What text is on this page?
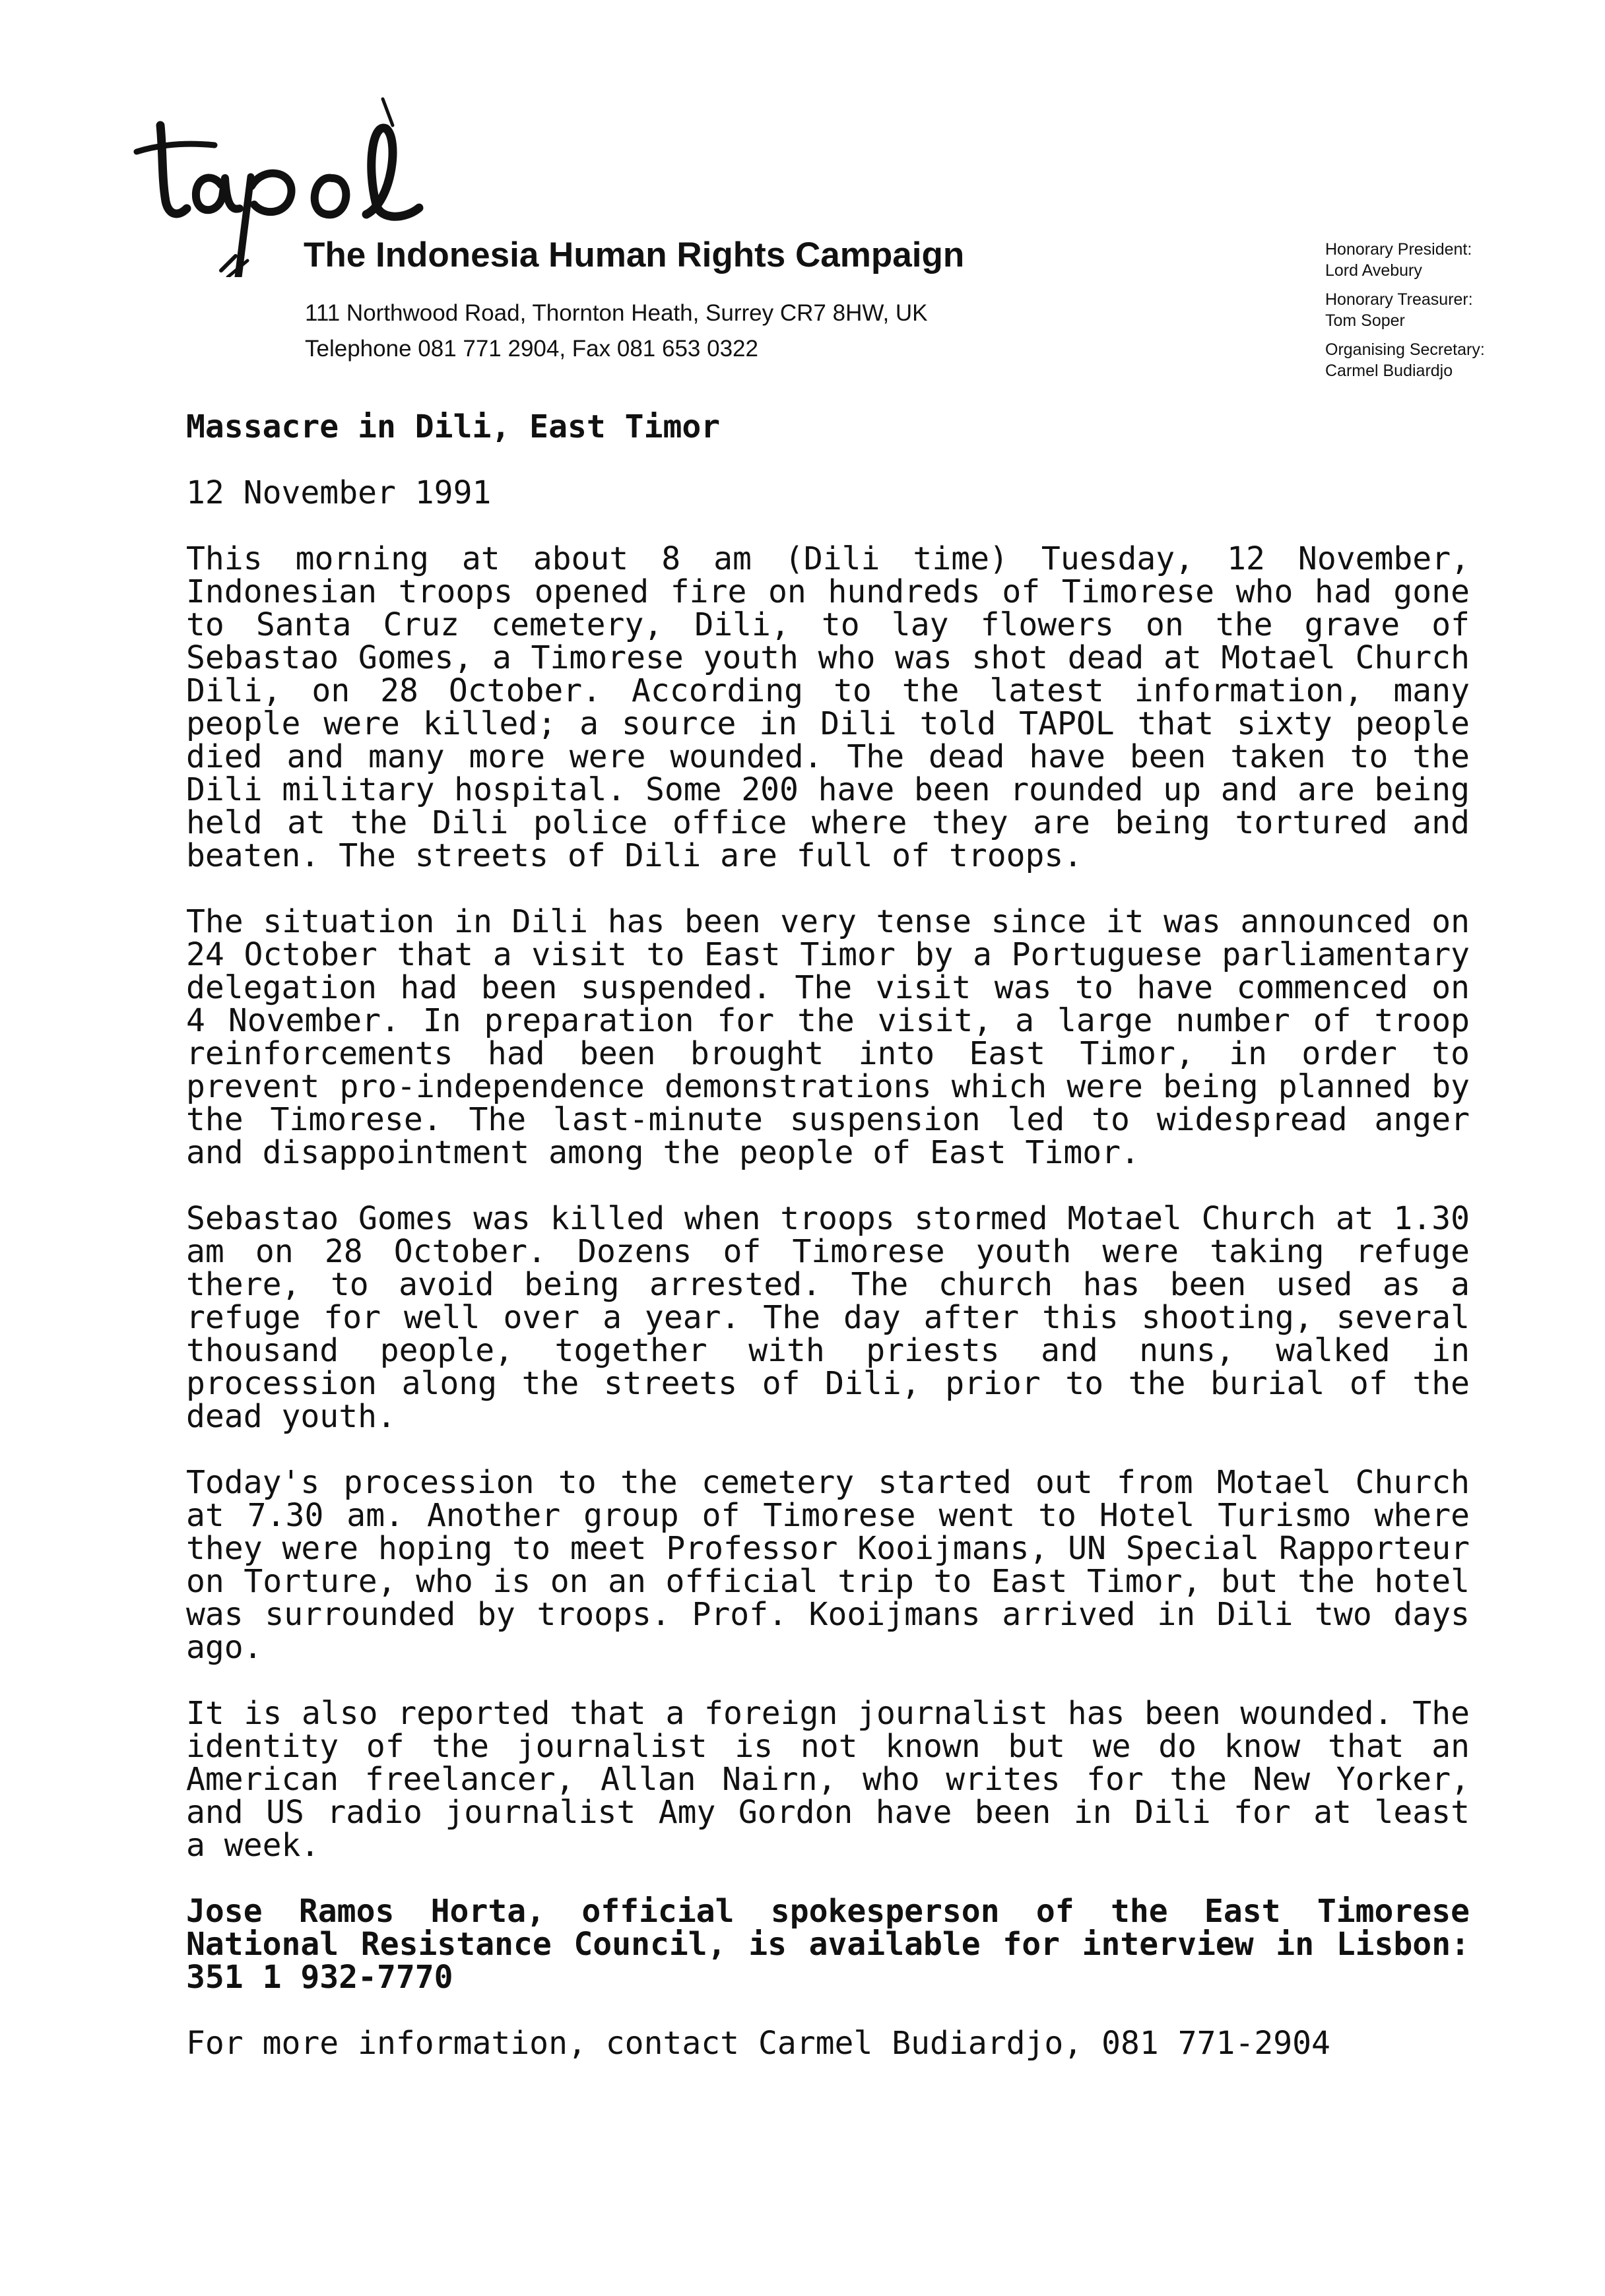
tapol
The Indonesia Human Rights Campaign
111 Northwood Road, Thornton Heath, Surrey CR7 8HW, UK
Telephone 081 771 2904, Fax 081 653 0322
Honorary President:
Lord Avebury
Honorary Treasurer:
Tom Soper
Organising Secretary:
Carmel Budiardjo
Massacre in Dili, East Timor
12 November 1991
This morning at about 8 am (Dili time) Tuesday, 12 November,
Indonesian troops opened fire on hundreds of Timorese who had gone
to Santa Cruz cemetery, Dili, to lay flowers on the grave of
Sebastao Gomes, a Timorese youth who was shot dead at Motael Church
Dili, on 28 October. According to the latest information, many
people were killed; a source in Dili told TAPOL that sixty people
died and many more were wounded. The dead have been taken to the
Dili military hospital. Some 200 have been rounded up and are being
held at the Dili police office where they are being tortured and
beaten. The streets of Dili are full of troops.
The situation in Dili has been very tense since it was announced on
24 October that a visit to East Timor by a Portuguese parliamentary
delegation had been suspended. The visit was to have commenced on
4 November. In preparation for the visit, a large number of troop
reinforcements had been brought into East Timor, in order to
prevent pro-independence demonstrations which were being planned by
the Timorese. The last-minute suspension led to widespread anger
and disappointment among the people of East Timor.
Sebastao Gomes was killed when troops stormed Motael Church at 1.30
am on 28 October. Dozens of Timorese youth were taking refuge
there, to avoid being arrested. The church has been used as a
refuge for well over a year. The day after this shooting, several
thousand people, together with priests and nuns, walked in
procession along the streets of Dili, prior to the burial of the
dead youth.
Today's procession to the cemetery started out from Motael Church
at 7.30 am. Another group of Timorese went to Hotel Turismo where
they were hoping to meet Professor Kooijmans, UN Special Rapporteur
on Torture, who is on an official trip to East Timor, but the hotel
was surrounded by troops. Prof. Kooijmans arrived in Dili two days
ago.
It is also reported that a foreign journalist has been wounded. The
identity of the journalist is not known but we do know that an
American freelancer, Allan Nairn, who writes for the New Yorker,
and US radio journalist Amy Gordon have been in Dili for at least
a week.
Jose Ramos Horta, official spokesperson of the East Timorese
National Resistance Council, is available for interview in Lisbon:
351 1 932-7770
For more information, contact Carmel Budiardjo, 081 771-2904
